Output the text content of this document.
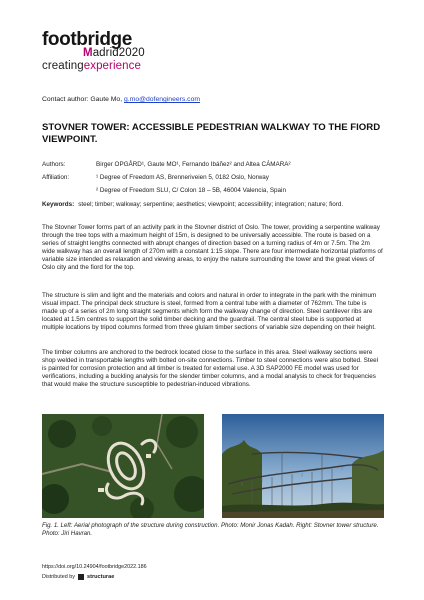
footbridge
Madrid2020
creatingexperience
Contact author: Gaute Mo, g.mo@dofengineers.com
STOVNER TOWER: ACCESSIBLE PEDESTRIAN WALKWAY TO THE FIORD VIEWPOINT.
Authors:	Birger OPGÅRD¹, Gaute MO¹, Fernando Ibáñez² and Altea CÁMARA²
Affiliation:	¹ Degree of Freedom AS, Brenneriveien 5, 0182 Oslo, Norway
² Degree of Freedom SLU, C/ Colon 18 – 5B, 46004 Valencia, Spain
Keywords: steel; timber; walkway; serpentine; aesthetics; viewpoint; accessibility; integration; nature; fiord.
The Stovner Tower forms part of an activity park in the Stovner district of Oslo. The tower, providing a serpentine walkway through the tree tops with a maximum height of 15m, is designed to be universally accessible. The route is based on a series of straight lengths connected with abrupt changes of direction based on a turning radius of 4m or 7.5m. The 2m wide walkway has an overall length of 270m with a constant 1:15 slope. There are four intermediate horizontal platforms of variable size intended as relaxation and viewing areas, to enjoy the nature surrounding the tower and the great views of Oslo city and the fiord for the top.
The structure is slim and light and the materials and colors and natural in order to integrate in the park with the minimum visual impact. The principal deck structure is steel, formed from a central tube with a diameter of 762mm. The tube is made up of a series of 2m long straight segments which form the walkway change of direction. Steel cantilever ribs are located at 1.5m centres to support the solid timber decking and the guardrail. The central steel tube is supported at multiple locations by tripod columns formed from three glulam timber sections of variable size depending on their height.
The timber columns are anchored to the bedrock located close to the surface in this area. Steel walkway sections were shop welded in transportable lengths with bolted on-site connections. Timber to steel connections were also bolted. Steel is painted for corrosion protection and all timber is treated for external use. A 3D SAP2000 FE model was used for verifications, including a buckling analysis for the slender timber columns, and a modal analysis to check for frequencies that would make the structure susceptible to pedestrian-induced vibrations.
Fig. 1. Left: Aerial photograph of the structure during construction. Photo: Monir Jonas Kadah. Right: Stovner tower structure. Photo: Jiri Havran.
https://doi.org/10.24904/footbridge2022.186
Distributed by structurae
